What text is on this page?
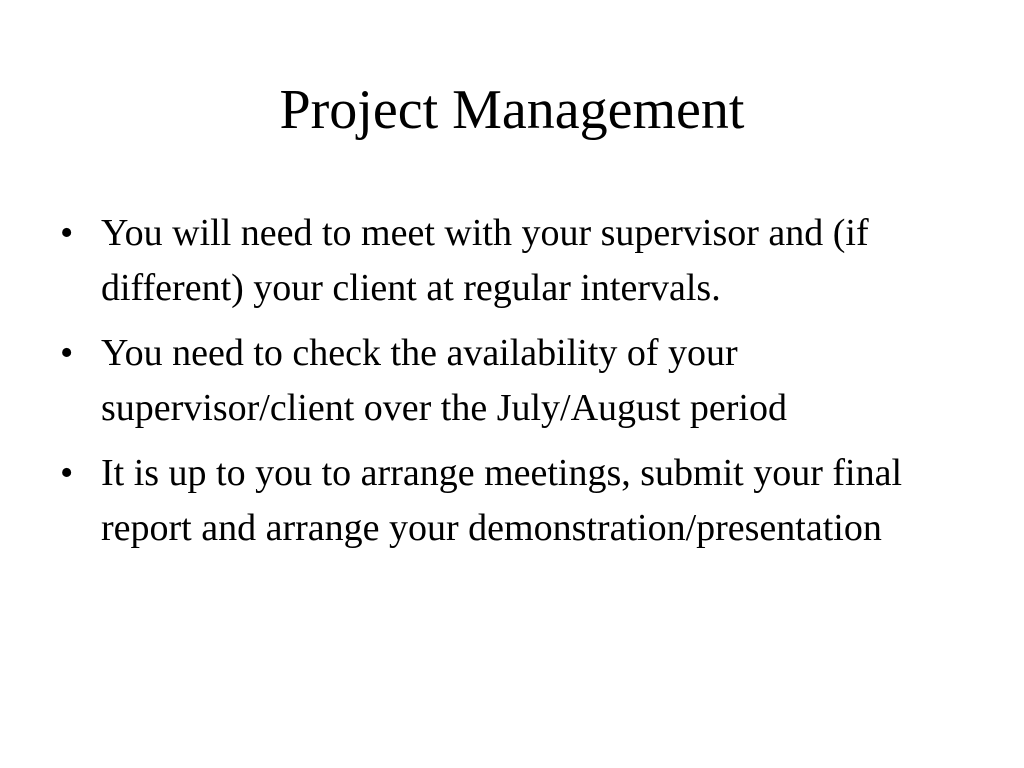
Project Management
• You will need to meet with your supervisor and (if different) your client at regular intervals.
• You need to check the availability of your supervisor/client over the July/August period
• It is up to you to arrange meetings, submit your final report and arrange your demonstration/presentation
